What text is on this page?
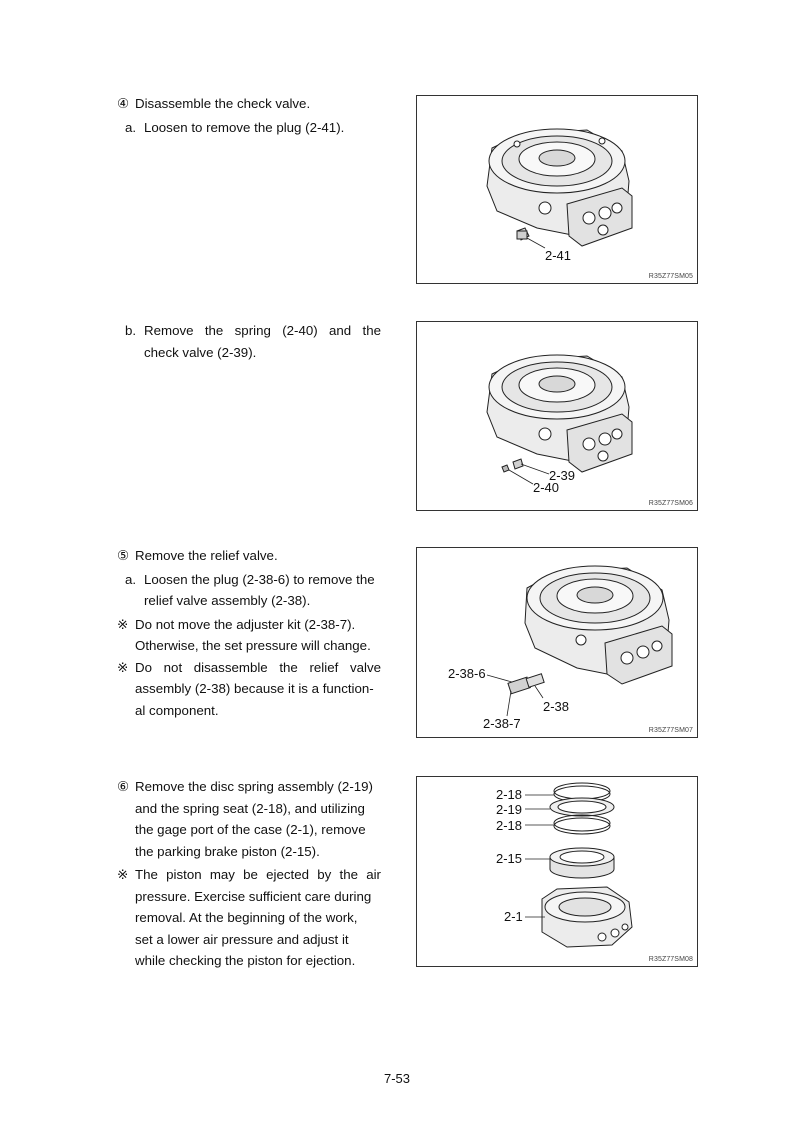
④ Disassemble the check valve.
a. Loosen to remove the plug (2-41).
b. Remove the spring (2-40) and the
check valve (2-39).
⑤ Remove the relief valve.
a. Loosen the plug (2-38-6) to remove the
relief valve assembly (2-38).
※ Do not move the adjuster kit (2-38-7).
Otherwise, the set pressure will change.
※ Do not disassemble the relief valve
assembly (2-38) because it is a function-
al component.
⑥ Remove the disc spring assembly (2-19)
and the spring seat (2-18), and utilizing
the gage port of the case (2-1), remove
the parking brake piston (2-15).
※ The piston may be ejected by the air
pressure. Exercise sufficient care during
removal. At the beginning of the work,
set a lower air pressure and adjust it
while checking the piston for ejection.
2-41
R35Z77SM05
2-39
2-40
R35Z77SM06
2-38-6
2-38
2-38-7	R35Z77SM07
2-18
2-19
2-18
2-15
2-1
R35Z77SM08
7-53
